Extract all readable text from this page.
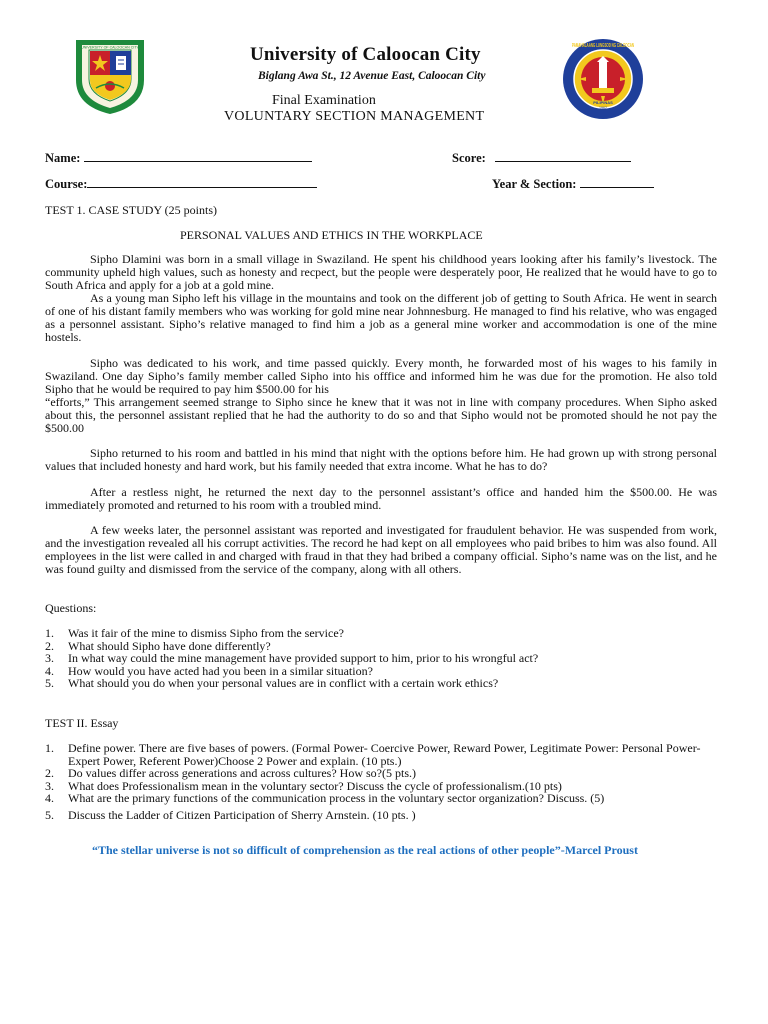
UNIVERSITY OF CALOOCAN CITY	PAMAHALAANG LUNGSOD NG CALOOCAN
PILIPINAS
1962
University of Caloocan City
Biglang Awa St., 12 Avenue East, Caloocan City
Final Examination
VOLUNTARY SECTION MANAGEMENT
Name:	Score:
Course:	Year & Section:
TEST 1. CASE STUDY (25 points)
PERSONAL VALUES AND ETHICS IN THE WORKPLACE
Sipho Dlamini was born in a small village in Swaziland. He spent his childhood years looking after his family’s livestock. The community upheld high values, such as honesty and recpect, but the people were desperately poor, He realized that he would have to go to South Africa and apply for a job at a gold mine.
As a young man Sipho left his village in the mountains and took on the different job of getting to South Africa. He went in search of one of his distant family members who was working for gold mine near Johnnesburg. He managed to find his relative, who was engaged as a personnel assistant. Sipho’s relative managed to find him a job as a general mine worker and accommodation is one of the mine hostels.
Sipho was dedicated to his work, and time passed quickly. Every month, he forwarded most of his wages to his family in Swaziland. One day Sipho’s family member called Sipho into his offfice and informed him he was due for the promotion. He also told Sipho that he would be required to pay him $500.00 for his
“efforts,” This arrangement seemed strange to Sipho since he knew that it was not in line with company procedures. When Sipho asked about this, the personnel assistant replied that he had the authority to do so and that Sipho would not be promoted should he not pay the $500.00
Sipho returned to his room and battled in his mind that night with the options before him. He had grown up with strong personal values that included honesty and hard work, but his family needed that extra income. What he has to do?
After a restless night, he returned the next day to the personnel assistant’s office and handed him the $500.00. He was immediately promoted and returned to his room with a troubled mind.
A few weeks later, the personnel assistant was reported and investigated for fraudulent behavior. He was suspended from work, and the investigation revealed all his corrupt activities. The record he had kept on all employees who paid bribes to him was also found. All employees in the list were called in and charged with fraud in that they had bribed a company official. Sipho’s name was on the list, and he was found guilty and dismissed from the service of the company, along with all others.
Questions:
1. Was it fair of the mine to dismiss Sipho from the service?
2. What should Sipho have done differently?
3. In what way could the mine management have provided support to him, prior to his wrongful act?
4. How would you have acted had you been in a similar situation?
5. What should you do when your personal values are in conflict with a certain work ethics?
TEST II. Essay
1. Define power. There are five bases of powers. (Formal Power- Coercive Power, Reward Power, Legitimate Power: Personal Power- Expert Power, Referent Power)Choose 2 Power and explain. (10 pts.)
2. Do values differ across generations and across cultures? How so?(5 pts.)
3. What does Professionalism mean in the voluntary sector? Discuss the cycle of professionalism.(10 pts)
4. What are the primary functions of the communication process in the voluntary sector organization? Discuss. (5)
5. Discuss the Ladder of Citizen Participation of Sherry Arnstein. (10 pts. )
“The stellar universe is not so difficult of comprehension as the real actions of other people”-Marcel Proust
